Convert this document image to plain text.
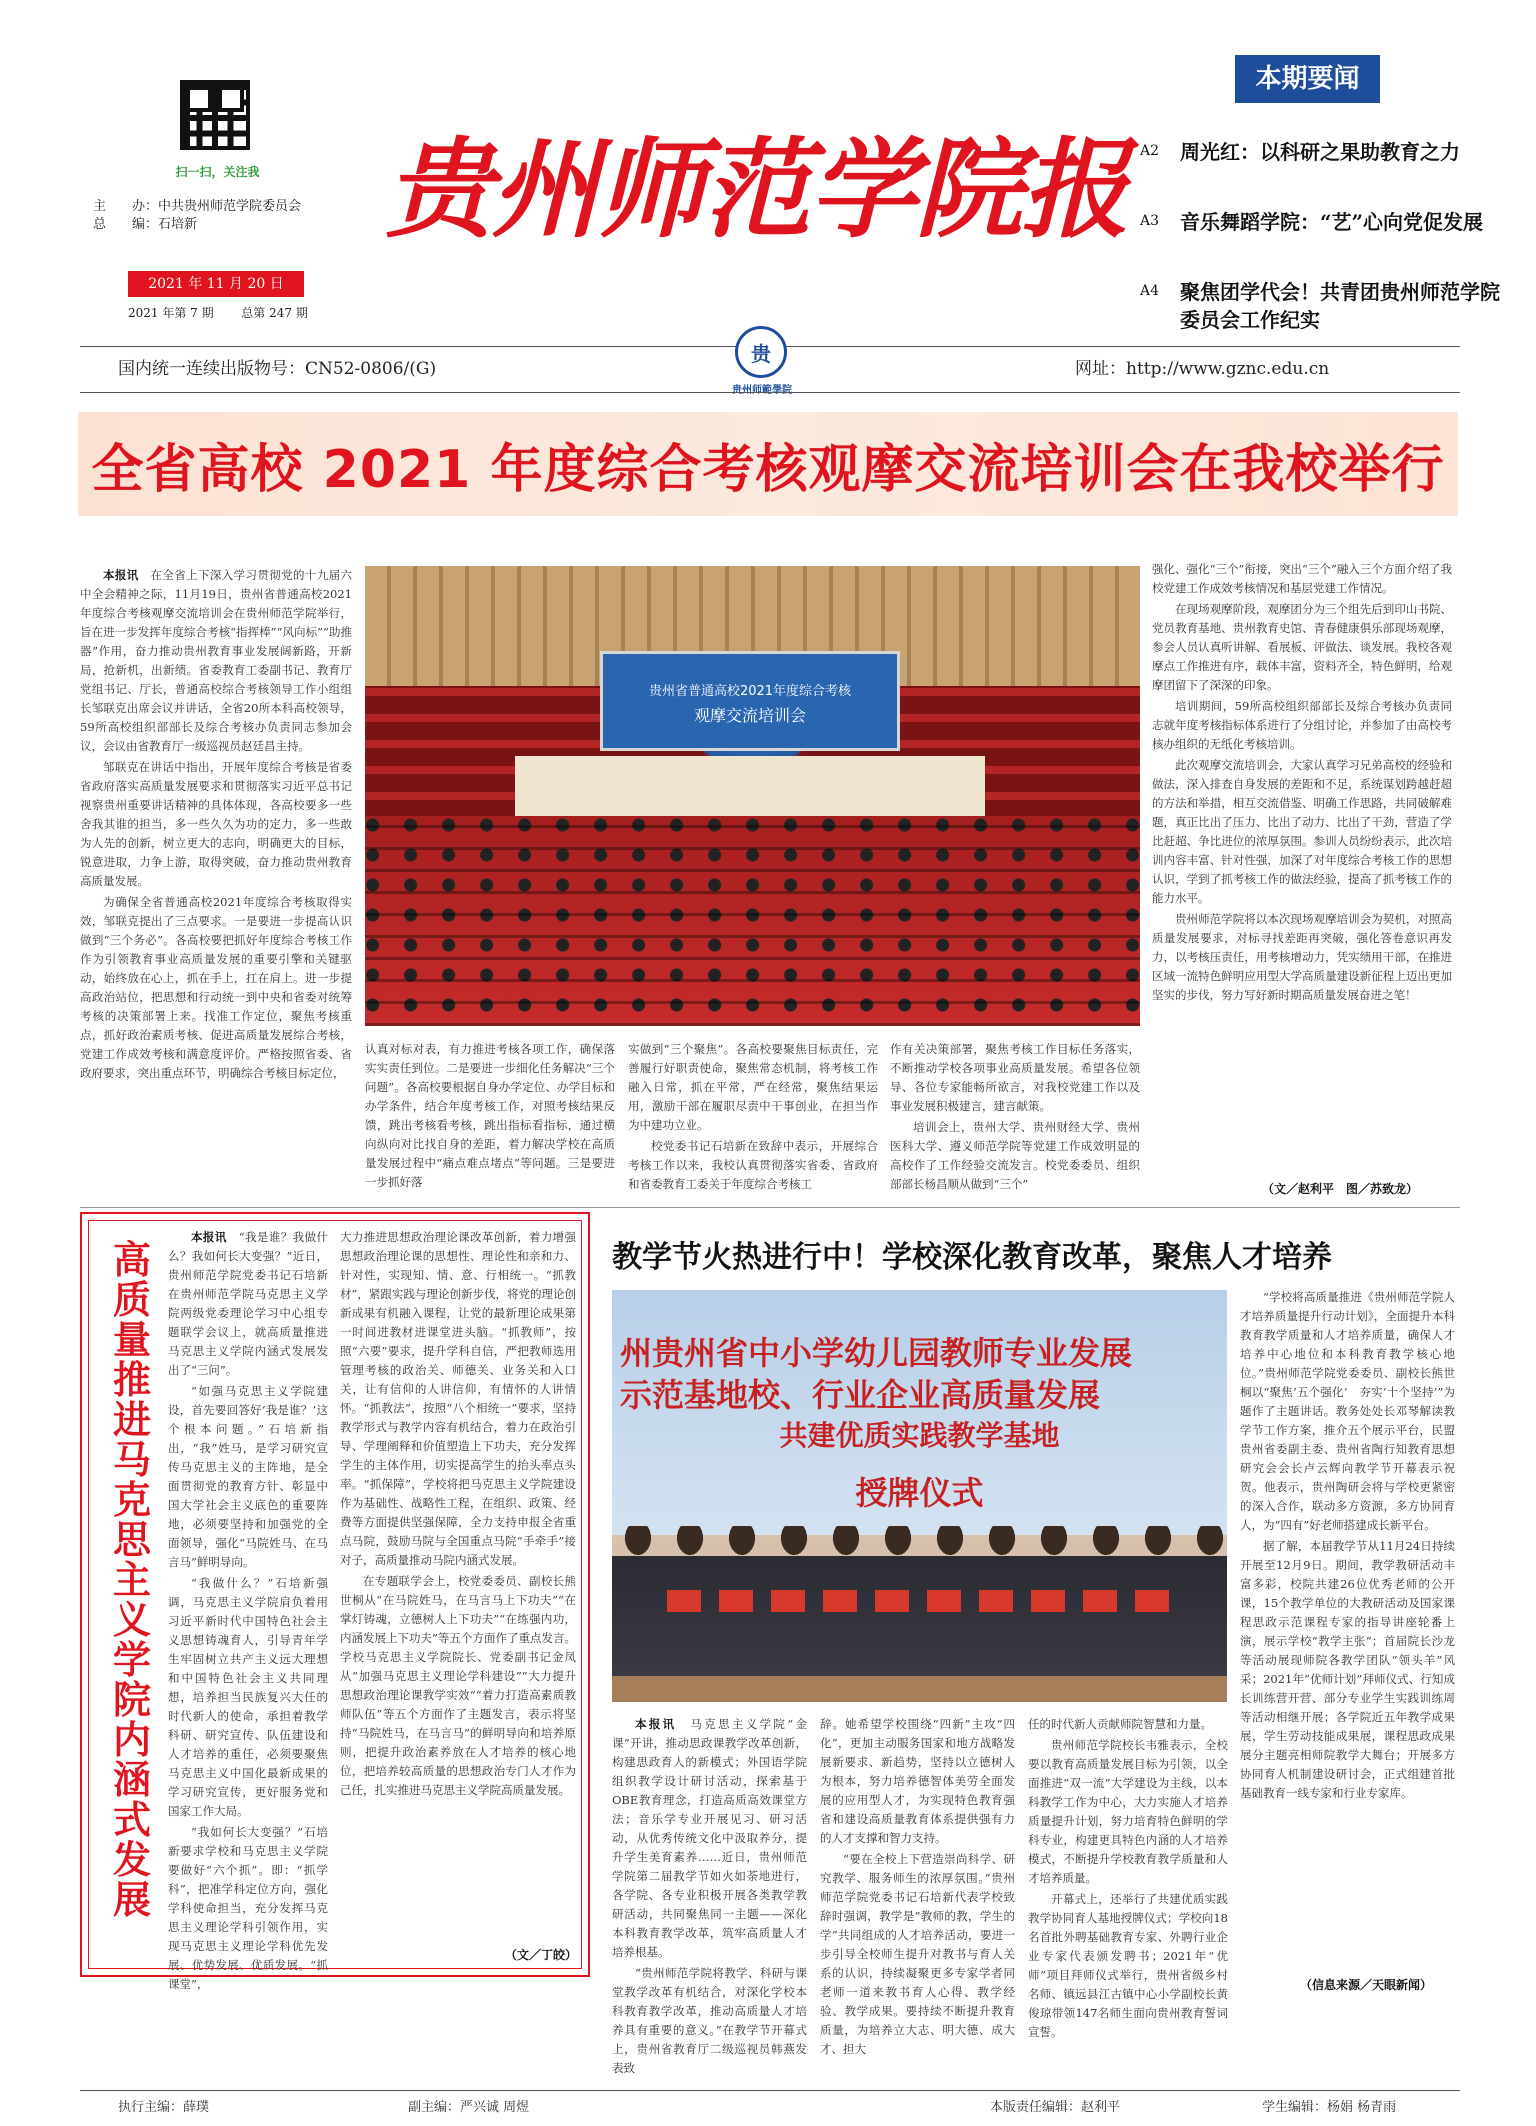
扫一扫，关注我
主　　办：中共贵州师范学院委员会
总　　编：石培新
2021 年 11 月 20 日
2021 年第 7 期 总第 247 期
贵州师范学院报
本期要闻
A2	周光红：以科研之果助教育之力
A3	音乐舞蹈学院：“艺”心向党促发展
A4	聚焦团学代会！共青团贵州师范学院委员会工作纪实
国内统一连续出版物号：CN52-0806/(G)
贵
贵州师範學院
网址：http://www.gznc.edu.cn
全省高校 2021 年度综合考核观摩交流培训会在我校举行

本报讯　 在全省上下深入学习贯彻党的十九届六中全会精神之际，11月19日，贵州省普通高校2021年度综合考核观摩交流培训会在贵州师范学院举行，旨在进一步发挥年度综合考核“指挥棒”“风向标”“助推器”作用，奋力推动贵州教育事业发展阔新路，开新局，抢新机，出新绩。省委教育工委副书记、教育厅党组书记、厅长，普通高校综合考核领导工作小组组长邹联克出席会议并讲话，全省20所本科高校领导，59所高校组织部部长及综合考核办负责同志参加会议，会议由省教育厅一级巡视员赵廷昌主持。

邹联克在讲话中指出，开展年度综合考核是省委省政府落实高质量发展要求和贯彻落实习近平总书记视察贵州重要讲话精神的具体体现，各高校要多一些舍我其谁的担当，多一些久久为功的定力，多一些敢为人先的创新，树立更大的志向，明确更大的目标，锐意进取，力争上游，取得突破，奋力推动贵州教育高质量发展。

为确保全省普通高校2021年度综合考核取得实效，邹联克提出了三点要求。一是要进一步提高认识做到“三个务必”。各高校要把抓好年度综合考核工作作为引领教育事业高质量发展的重要引擎和关键驱动，始终放在心上，抓在手上，扛在肩上。进一步提高政治站位，把思想和行动统一到中央和省委对统筹考核的决策部署上来。找准工作定位，聚焦考核重点，抓好政治素质考核、促进高质量发展综合考核，党建工作成效考核和满意度评价。严格按照省委、省政府要求，突出重点环节，明确综合考核目标定位，

贵州省普通高校2021年度综合考核
观摩交流培训会

认真对标对表，有力推进考核各项工作，确保落实实责任到位。二是要进一步细化任务解决“三个问题”。各高校要根据自身办学定位、办学目标和办学条件，结合年度考核工作，对照考核结果反馈，跳出考核看考核，跳出指标看指标，通过横向纵向对比找自身的差距，着力解决学校在高质量发展过程中“痛点难点堵点”等问题。三是要进一步抓好落

实做到“三个聚焦”。各高校要聚焦目标责任，完善履行好职责使命，聚焦常态机制，将考核工作融入日常，抓在平常，严在经常，聚焦结果运用，激励干部在履职尽责中干事创业，在担当作为中建功立业。

校党委书记石培新在致辞中表示，开展综合考核工作以来，我校认真贯彻落实省委、省政府和省委教育工委关于年度综合考核工

作有关决策部署，聚焦考核工作目标任务落实，不断推动学校各项事业高质量发展。希望各位领导、各位专家能畅所欲言，对我校党建工作以及事业发展积极建言，建言献策。

培训会上，贵州大学、贵州财经大学、贵州医科大学、遵义师范学院等党建工作成效明显的高校作了工作经验交流发言。校党委委员、组织部部长杨昌顺从做到“三个”

强化、强化“三个”衔接，突出“三个”融入三个方面介绍了我校党建工作成效考核情况和基层党建工作情况。

在现场观摩阶段，观摩团分为三个组先后到印山书院、党员教育基地、贵州教育史馆、青春健康俱乐部现场观摩，参会人员认真听讲解、看展板、评做法、谈发展。我校各观摩点工作推进有序，载体丰富，资料齐全，特色鲜明，给观摩团留下了深深的印象。

培训期间，59所高校组织部部长及综合考核办负责同志就年度考核指标体系进行了分组讨论，并参加了由高校考核办组织的无纸化考核培训。

此次观摩交流培训会，大家认真学习兄弟高校的经验和做法，深入排查自身发展的差距和不足，系统谋划跨越赶超的方法和举措，相互交流借鉴、明确工作思路，共同破解难题，真正比出了压力、比出了动力、比出了干劲，营造了学比赶超、争比进位的浓厚氛围。参训人员纷纷表示，此次培训内容丰富、针对性强，加深了对年度综合考核工作的思想认识，学到了抓考核工作的做法经验，提高了抓考核工作的能力水平。

贵州师范学院将以本次现场观摩培训会为契机，对照高质量发展要求，对标寻找差距再突破，强化答卷意识再发力，以考核压责任，用考核增动力，凭实绩用干部，在推进区域一流特色鲜明应用型大学高质量建设新征程上迈出更加坚实的步伐，努力写好新时期高质量发展奋进之笔！

（文／赵利平　图／苏致龙）
高质量推进马克思主义学院内涵式发展

本报讯　 “我是谁？我做什么？我如何长大变强？”近日，贵州师范学院党委书记石培新在贵州师范学院马克思主义学院两级党委理论学习中心组专题联学会议上，就高质量推进马克思主义学院内涵式发展发出了“三问”。

“如强马克思主义学院建设，首先要回答好‘我是谁？’这个根本问题。”石培新指出，“我”姓马，是学习研究宣传马克思主义的主阵地，是全面贯彻党的教育方针、彰显中国大学社会主义底色的重要阵地，必须要坚持和加强党的全面领导，强化“马院姓马、在马言马”鲜明导向。

“我做什么？”石培新强调，马克思主义学院肩负着用习近平新时代中国特色社会主义思想铸魂育人，引导青年学生牢固树立共产主义远大理想和中国特色社会主义共同理想，培养担当民族复兴大任的时代新人的使命，承担着教学科研、研究宣传、队伍建设和人才培养的重任，必须要聚焦马克思主义中国化最新成果的学习研究宣传，更好服务党和国家工作大局。

“我如何长大变强？”石培新要求学校和马克思主义学院要做好“六个抓”。即：“抓学科”，把准学科定位方向，强化学科使命担当，充分发挥马克思主义理论学科引领作用，实现马克思主义理论学科优先发展、优势发展、优质发展。“抓课堂”，

大力推进思想政治理论课改革创新，着力增强思想政治理论课的思想性、理论性和亲和力、针对性，实现知、情、意、行相统一。“抓教材”，紧跟实践与理论创新步伐，将党的理论创新成果有机融入课程，让党的最新理论成果第一时间进教材进课堂进头脑。“抓教师”，按照“六要”要求，提升学科自信，严把教师选用管理考核的政治关、师德关、业务关和入口关，让有信仰的人讲信仰，有情怀的人讲情怀。“抓教法”，按照“八个相统一”要求，坚持教学形式与教学内容有机结合，着力在政治引导、学理阐释和价值塑造上下功夫，充分发挥学生的主体作用，切实提高学生的抬头率点头率。“抓保障”，学校将把马克思主义学院建设作为基础性、战略性工程，在组织、政策、经费等方面提供坚强保障，全力支持申报全省重点马院，鼓励马院与全国重点马院“手牵手”接对子，高质量推动马院内涵式发展。

在专题联学会上，校党委委员、副校长熊世桐从“在马院姓马，在马言马上下功夫”“在掌灯铸魂，立德树人上下功夫”“在练强内功，内涵发展上下功夫”等五个方面作了重点发言。学校马克思主义学院院长、党委副书记金凤从“加强马克思主义理论学科建设”“大力提升思想政治理论课教学实效”“着力打造高素质教师队伍”等五个方面作了主题发言，表示将坚持“马院姓马，在马言马”的鲜明导向和培养原则，把提升政治素养放在人才培养的核心地位，把培养较高质量的思想政治专门人才作为己任，扎实推进马克思主义学院高质量发展。

（文／丁皎）
教学节火热进行中！学校深化教育改革，聚焦人才培养
州贵州省中小学幼儿园教师专业发展
示范基地校、行业企业高质量发展
共建优质实践教学基地
授牌仪式

“学校将高质量推进《贵州师范学院人才培养质量提升行动计划》，全面提升本科教育教学质量和人才培养质量，确保人才培养中心地位和本科教育教学核心地位。”贵州师范学院党委委员、副校长熊世桐以“聚焦‘五个强化’　夯实‘十个坚持’”为题作了主题讲话。教务处处长邓琴解读教学节工作方案，推介五个展示平台，民盟贵州省委副主委、贵州省陶行知教育思想研究会会长卢云辉向教学节开幕表示祝贺。他表示，贵州陶研会将与学校更紧密的深入合作，联动多方资源，多方协同育人，为“四有”好老师搭建成长新平台。

据了解，本届教学节从11月24日持续开展至12月9日。期间，教学教研活动丰富多彩，校院共建26位优秀老师的公开课，15个教学单位的大教研活动及国家课程思政示范课程专家的指导讲座轮番上演，展示学校“教学主张”；首届院长沙龙等活动展现师院各教学团队“领头羊”风采；2021年“优师计划”拜师仪式、行知成长训练营开营、部分专业学生实践训练周等活动相继开展；各学院近五年教学成果展，学生劳动技能成果展，课程思政成果展分主题亮相师院教学大舞台；开展多方协同育人机制建设研讨会，正式组建首批基础教育一线专家和行业专家库。

本报讯　 马克思主义学院“金课”开讲，推动思政课教学改革创新，构建思政育人的新模式；外国语学院组织教学设计研讨活动，探索基于OBE教育理念，打造高质高效课堂方法；音乐学专业开展见习、研习活动，从优秀传统文化中汲取养分，提升学生美育素养……近日，贵州师范学院第二届教学节如火如荼地进行，各学院、各专业积极开展各类教学教研活动，共同聚焦同一主题——深化本科教育教学改革，筑牢高质量人才培养根基。

“贵州师范学院将教学、科研与课堂教学改革有机结合，对深化学校本科教育教学改革，推动高质量人才培养具有重要的意义。”在教学节开幕式上，贵州省教育厅二级巡视员韩燕发表致

辞。她希望学校围绕“四新”主攻“四化”，更加主动服务国家和地方战略发展新要求、新趋势，坚持以立德树人为根本，努力培养德智体美劳全面发展的应用型人才，为实现特色教育强省和建设高质量教育体系提供强有力的人才支撑和智力支持。

“要在全校上下营造崇尚科学、研究教学、服务师生的浓厚氛围。”贵州师范学院党委书记石培新代表学校致辞时强调，教学是“教师的教，学生的学”共同组成的人才培养活动，要进一步引导全校师生提升对教书与育人关系的认识，持续凝聚更多专家学者同老师一道来教书育人心得、教学经验、教学成果。要持续不断提升教育质量，为培养立大志、明大德、成大才、担大

任的时代新人贡献师院智慧和力量。

贵州师范学院校长韦雅表示，全校要以教育高质量发展目标为引领，以全面推进“双一流”大学建设为主线，以本科教学工作为中心，大力实施人才培养质量提升计划，努力培育特色鲜明的学科专业，构建更具特色内涵的人才培养模式，不断提升学校教育教学质量和人才培养质量。

开幕式上，还举行了共建优质实践教学协同育人基地授牌仪式；学校向18名首批外聘基础教育专家、外聘行业企业专家代表颁发聘书；2021年“优师”项目拜师仪式举行，贵州省级乡村名师、镇远县江古镇中心小学副校长黄俊琼带领147名师生面向贵州教育誓词宣誓。

（信息来源／天眼新闻）
执行主编：薛璞	副主编：严兴诚 周煜	本版责任编辑：赵利平	学生编辑：杨娟 杨青雨
